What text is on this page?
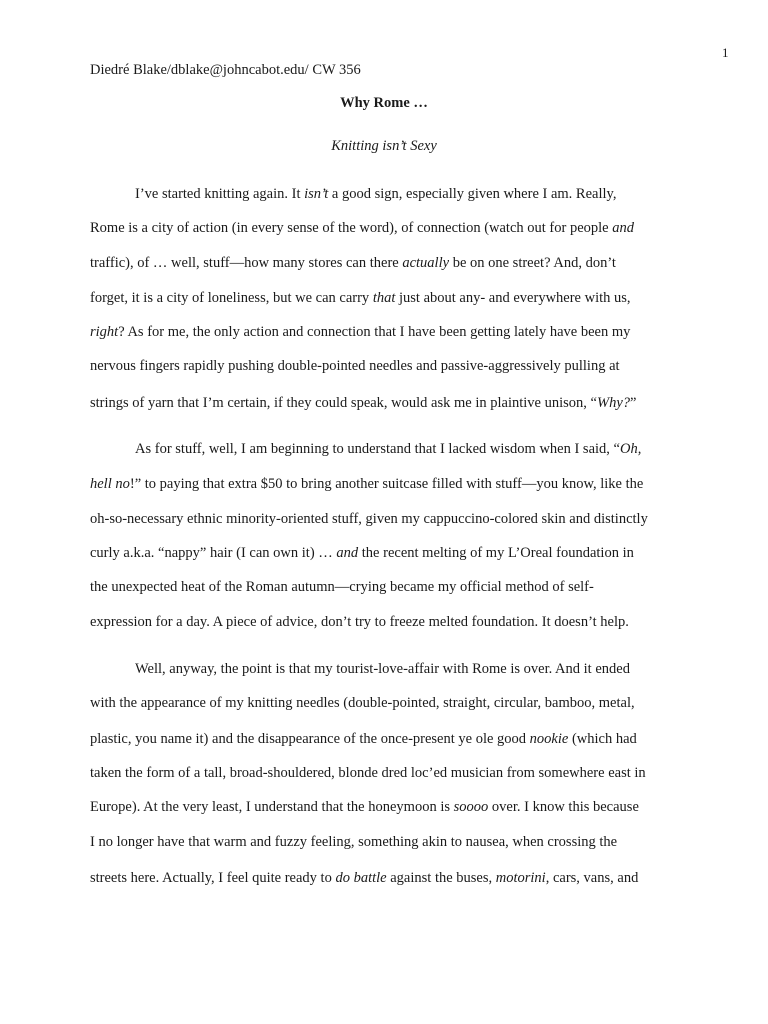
1
Diedré Blake/dblake@johncabot.edu/ CW 356
Why Rome …
Knitting isn’t Sexy
I’ve started knitting again. It isn’t a good sign, especially given where I am. Really,
Rome is a city of action (in every sense of the word), of connection (watch out for people and
traffic), of … well, stuff—how many stores can there actually be on one street? And, don’t
forget, it is a city of loneliness, but we can carry that just about any- and everywhere with us,
right? As for me, the only action and connection that I have been getting lately have been my
nervous fingers rapidly pushing double-pointed needles and passive-aggressively pulling at
strings of yarn that I’m certain, if they could speak, would ask me in plaintive unison, “Why?”
As for stuff, well, I am beginning to understand that I lacked wisdom when I said, “Oh,
hell no!” to paying that extra $50 to bring another suitcase filled with stuff—you know, like the
oh-so-necessary ethnic minority-oriented stuff, given my cappuccino-colored skin and distinctly
curly a.k.a. “nappy” hair (I can own it) … and the recent melting of my L’Oreal foundation in
the unexpected heat of the Roman autumn—crying became my official method of self-
expression for a day. A piece of advice, don’t try to freeze melted foundation. It doesn’t help.
Well, anyway, the point is that my tourist-love-affair with Rome is over. And it ended
with the appearance of my knitting needles (double-pointed, straight, circular, bamboo, metal,
plastic, you name it) and the disappearance of the once-present ye ole good nookie (which had
taken the form of a tall, broad-shouldered, blonde dred loc’ed musician from somewhere east in
Europe). At the very least, I understand that the honeymoon is soooo over. I know this because
I no longer have that warm and fuzzy feeling, something akin to nausea, when crossing the
streets here. Actually, I feel quite ready to do battle against the buses, motorini, cars, vans, and
